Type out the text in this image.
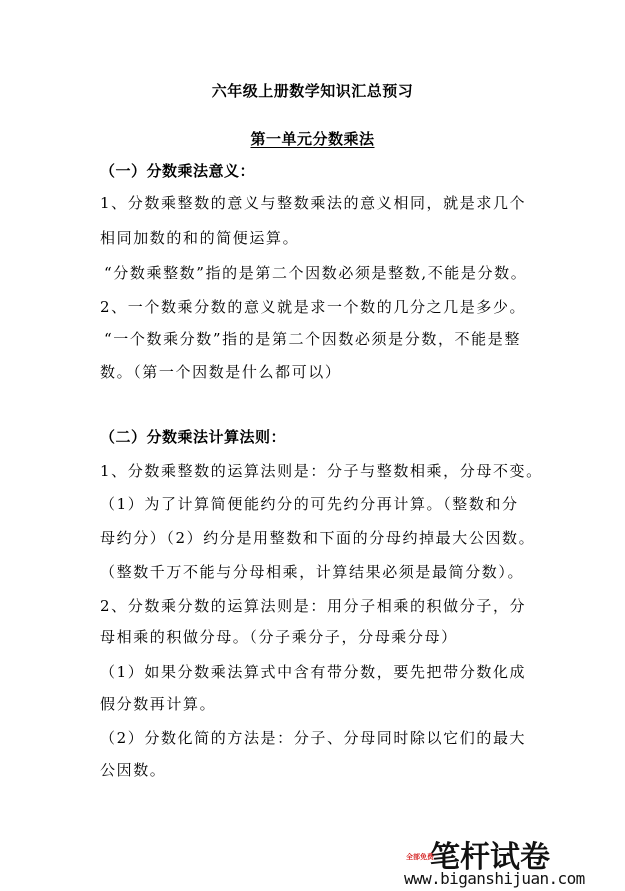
六年级上册数学知识汇总预习
第一单元分数乘法
（一）分数乘法意义：
1、分数乘整数的意义与整数乘法的意义相同，就是求几个
相同加数的和的简便运算。
“分数乘整数”指的是第二个因数必须是整数,不能是分数。
2、一个数乘分数的意义就是求一个数的几分之几是多少。
“一个数乘分数”指的是第二个因数必须是分数，不能是整
数。（第一个因数是什么都可以）
（二）分数乘法计算法则：
1、分数乘整数的运算法则是：分子与整数相乘，分母不变。
（1）为了计算简便能约分的可先约分再计算。（整数和分
母约分）（2）约分是用整数和下面的分母约掉最大公因数。
（整数千万不能与分母相乘，计算结果必须是最简分数）。
2、分数乘分数的运算法则是：用分子相乘的积做分子，分
母相乘的积做分母。（分子乘分子，分母乘分母）
（1）如果分数乘法算式中含有带分数，要先把带分数化成
假分数再计算。
（2）分数化简的方法是：分子、分母同时除以它们的最大
公因数。
全部免费
笔杆试卷
www.biganshijuan.com
